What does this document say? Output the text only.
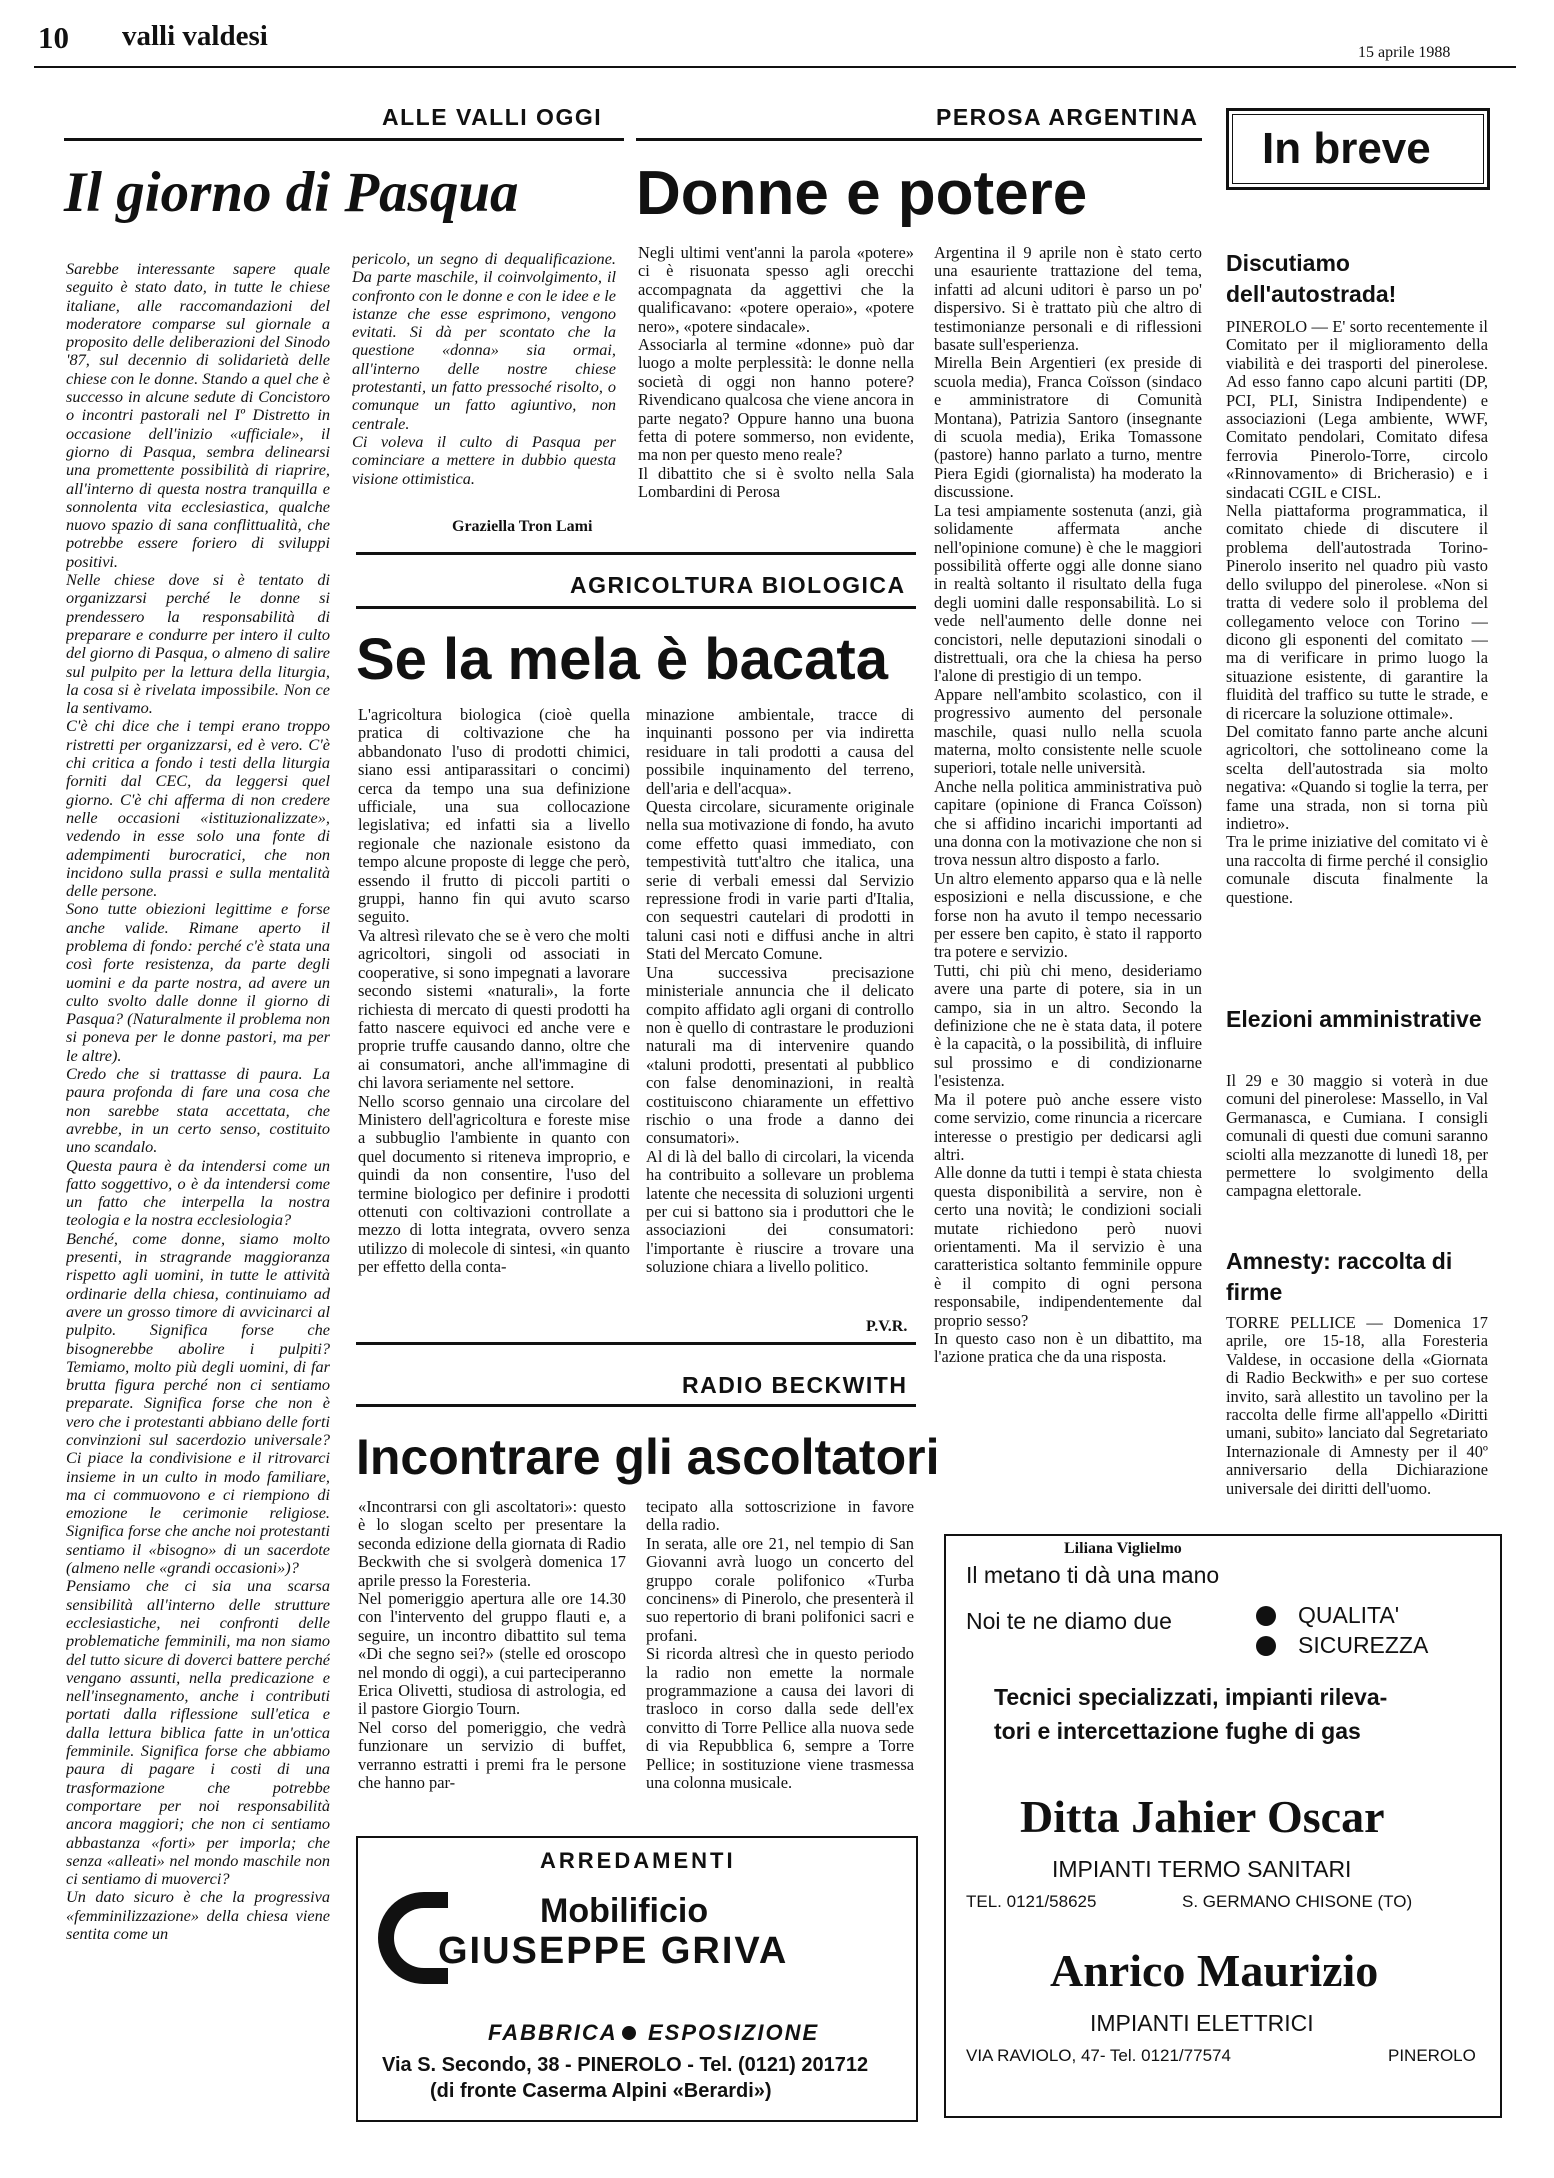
10 valli valdesi
15 aprile 1988
ALLE VALLI OGGI
Il giorno di Pasqua
Sarebbe interessante sapere quale seguito è stato dato, in tutte le chiese italiane, alle raccomandazioni del moderatore comparse sul giornale a proposito delle deliberazioni del Sinodo '87, sul decennio di solidarietà delle chiese con le donne. Stando a quel che è successo in alcune sedute di Concistoro o incontri pastorali nel Iº Distretto in occasione dell'inizio «ufficiale», il giorno di Pasqua, sembra delinearsi una promettente possibilità di riaprire, all'interno di questa nostra tranquilla e sonnolenta vita ecclesiastica, qualche nuovo spazio di sana conflittualità, che potrebbe essere foriero di sviluppi positivi.
Nelle chiese dove si è tentato di organizzarsi perché le donne si prendessero la responsabilità di preparare e condurre per intero il culto del giorno di Pasqua, o almeno di salire sul pulpito per la lettura della liturgia, la cosa si è rivelata impossibile. Non ce la sentivamo.
C'è chi dice che i tempi erano troppo ristretti per organizzarsi, ed è vero. C'è chi critica a fondo i testi della liturgia forniti dal CEC, da leggersi quel giorno. C'è chi afferma di non credere nelle occasioni «istituzionalizzate», vedendo in esse solo una fonte di adempimenti burocratici, che non incidono sulla prassi e sulla mentalità delle persone.
Sono tutte obiezioni legittime e forse anche valide. Rimane aperto il problema di fondo: perché c'è stata una così forte resistenza, da parte degli uomini e da parte nostra, ad avere un culto svolto dalle donne il giorno di Pasqua? (Naturalmente il problema non si poneva per le donne pastori, ma per le altre).
Credo che si trattasse di paura. La paura profonda di fare una cosa che non sarebbe stata accettata, che avrebbe, in un certo senso, costituito uno scandalo.
Questa paura è da intendersi come un fatto soggettivo, o è da intendersi come un fatto che interpella la nostra teologia e la nostra ecclesiologia?
Benché, come donne, siamo molto presenti, in stragrande maggioranza rispetto agli uomini, in tutte le attività ordinarie della chiesa, continuiamo ad avere un grosso timore di avvicinarci al pulpito. Significa forse che bisognerebbe abolire i pulpiti? Temiamo, molto più degli uomini, di far brutta figura perché non ci sentiamo preparate. Significa forse che non è vero che i protestanti abbiano delle forti convinzioni sul sacerdozio universale? Ci piace la condivisione e il ritrovarci insieme in un culto in modo familiare, ma ci commuovono e ci riempiono di emozione le cerimonie religiose. Significa forse che anche noi protestanti sentiamo il «bisogno» di un sacerdote (almeno nelle «grandi occasioni»)?
Pensiamo che ci sia una scarsa sensibilità all'interno delle strutture ecclesiastiche, nei confronti delle problematiche femminili, ma non siamo del tutto sicure di doverci battere perché vengano assunti, nella predicazione e nell'insegnamento, anche i contributi portati dalla riflessione sull'etica e dalla lettura biblica fatte in un'ottica femminile. Significa forse che abbiamo paura di pagare i costi di una trasformazione che potrebbe comportare per noi responsabilità ancora maggiori; che non ci sentiamo abbastanza «forti» per imporla; che senza «alleati» nel mondo maschile non ci sentiamo di muoverci?
Un dato sicuro è che la progressiva «femminilizzazione» della chiesa viene sentita come un
pericolo, un segno di dequalificazione. Da parte maschile, il coinvolgimento, il confronto con le donne e con le idee e le istanze che esse esprimono, vengono evitati. Si dà per scontato che la questione «donna» sia ormai, all'interno delle nostre chiese protestanti, un fatto pressoché risolto, o comunque un fatto agiuntivo, non centrale.
Ci voleva il culto di Pasqua per cominciare a mettere in dubbio questa visione ottimistica.
Graziella Tron Lami
PEROSA ARGENTINA
Donne e potere
Negli ultimi vent'anni la parola «potere» ci è risuonata spesso agli orecchi accompagnata da aggettivi che la qualificavano: «potere operaio», «potere nero», «potere sindacale».
Associarla al termine «donne» può dar luogo a molte perplessità: le donne nella società di oggi non hanno potere? Rivendicano qualcosa che viene ancora in parte negato? Oppure hanno una buona fetta di potere sommerso, non evidente, ma non per questo meno reale?
Il dibattito che si è svolto nella Sala Lombardini di Perosa
Argentina il 9 aprile non è stato certo una esauriente trattazione del tema, infatti ad alcuni uditori è parso un po' dispersivo. Si è trattato più che altro di testimonianze personali e di riflessioni basate sull'esperienza.
Mirella Bein Argentieri (ex preside di scuola media), Franca Coïsson (sindaco e amministratore di Comunità Montana), Patrizia Santoro (insegnante di scuola media), Erika Tomassone (pastore) hanno parlato a turno, mentre Piera Egidi (giornalista) ha moderato la discussione.
La tesi ampiamente sostenuta (anzi, già solidamente affermata anche nell'opinione comune) è che le maggiori possibilità offerte oggi alle donne siano in realtà soltanto il risultato della fuga degli uomini dalle responsabilità. Lo si vede nell'aumento delle donne nei concistori, nelle deputazioni sinodali o distrettuali, ora che la chiesa ha perso l'alone di prestigio di un tempo.
Appare nell'ambito scolastico, con il progressivo aumento del personale maschile, quasi nullo nella scuola materna, molto consistente nelle scuole superiori, totale nelle università.
Anche nella politica amministrativa può capitare (opinione di Franca Coïsson) che si affidino incarichi importanti ad una donna con la motivazione che non si trova nessun altro disposto a farlo.
Un altro elemento apparso qua e là nelle esposizioni e nella discussione, e che forse non ha avuto il tempo necessario per essere ben capito, è stato il rapporto tra potere e servizio.
Tutti, chi più chi meno, desideriamo avere una parte di potere, sia in un campo, sia in un altro. Secondo la definizione che ne è stata data, il potere è la capacità, o la possibilità, di influire sul prossimo e di condizionarne l'esistenza.
Ma il potere può anche essere visto come servizio, come rinuncia a ricercare interesse o prestigio per dedicarsi agli altri.
Alle donne da tutti i tempi è stata chiesta questa disponibilità a servire, non è certo una novità; le condizioni sociali mutate richiedono però nuovi orientamenti. Ma il servizio è una caratteristica soltanto femminile oppure è il compito di ogni persona responsabile, indipendentemente dal proprio sesso?
In questo caso non è un dibattito, ma l'azione pratica che da una risposta.
Liliana Viglielmo
AGRICOLTURA BIOLOGICA
Se la mela è bacata
L'agricoltura biologica (cioè quella pratica di coltivazione che ha abbandonato l'uso di prodotti chimici, siano essi antiparassitari o concimi) cerca da tempo una sua definizione ufficiale, una sua collocazione legislativa; ed infatti sia a livello regionale che nazionale esistono da tempo alcune proposte di legge che però, essendo il frutto di piccoli partiti o gruppi, hanno fin qui avuto scarso seguito.
Va altresì rilevato che se è vero che molti agricoltori, singoli od associati in cooperative, si sono impegnati a lavorare secondo sistemi «naturali», la forte richiesta di mercato di questi prodotti ha fatto nascere equivoci ed anche vere e proprie truffe causando danno, oltre che ai consumatori, anche all'immagine di chi lavora seriamente nel settore.
Nello scorso gennaio una circolare del Ministero dell'agricoltura e foreste mise a subbuglio l'ambiente in quanto con quel documento si riteneva improprio, e quindi da non consentire, l'uso del termine biologico per definire i prodotti ottenuti con coltivazioni controllate a mezzo di lotta integrata, ovvero senza utilizzo di molecole di sintesi, «in quanto per effetto della conta-
minazione ambientale, tracce di inquinanti possono per via indiretta residuare in tali prodotti a causa del possibile inquinamento del terreno, dell'aria e dell'acqua».
Questa circolare, sicuramente originale nella sua motivazione di fondo, ha avuto come effetto quasi immediato, con tempestività tutt'altro che italica, una serie di verbali emessi dal Servizio repressione frodi in varie parti d'Italia, con sequestri cautelari di prodotti in taluni casi noti e diffusi anche in altri Stati del Mercato Comune.
Una successiva precisazione ministeriale annuncia che il delicato compito affidato agli organi di controllo non è quello di contrastare le produzioni naturali ma di intervenire quando «taluni prodotti, presentati al pubblico con false denominazioni, in realtà costituiscono chiaramente un effettivo rischio o una frode a danno dei consumatori».
Al di là del ballo di circolari, la vicenda ha contribuito a sollevare un problema latente che necessita di soluzioni urgenti per cui si battono sia i produttori che le associazioni dei consumatori: l'importante è riuscire a trovare una soluzione chiara a livello politico.
P.V.R.
RADIO BECKWITH
Incontrare gli ascoltatori
«Incontrarsi con gli ascoltatori»: questo è lo slogan scelto per presentare la seconda edizione della giornata di Radio Beckwith che si svolgerà domenica 17 aprile presso la Foresteria.
Nel pomeriggio apertura alle ore 14.30 con l'intervento del gruppo flauti e, a seguire, un incontro dibattito sul tema «Di che segno sei?» (stelle ed oroscopo nel mondo di oggi), a cui parteciperanno Erica Olivetti, studiosa di astrologia, ed il pastore Giorgio Tourn.
Nel corso del pomeriggio, che vedrà funzionare un servizio di buffet, verranno estratti i premi fra le persone che hanno par-
tecipato alla sottoscrizione in favore della radio.
In serata, alle ore 21, nel tempio di San Giovanni avrà luogo un concerto del gruppo corale polifonico «Turba concinens» di Pinerolo, che presenterà il suo repertorio di brani polifonici sacri e profani.
Si ricorda altresì che in questo periodo la radio non emette la normale programmazione a causa dei lavori di trasloco in corso dalla sede dell'ex convitto di Torre Pellice alla nuova sede di via Repubblica 6, sempre a Torre Pellice; in sostituzione viene trasmessa una colonna musicale.
ARREDAMENTI
Mobilificio
GIUSEPPE GRIVA
FABBRICA ESPOSIZIONE
Via S. Secondo, 38 - PINEROLO - Tel. (0121) 201712
(di fronte Caserma Alpini «Berardi»)
In breve
Discutiamo dell'autostrada!
PINEROLO — E' sorto recentemente il Comitato per il miglioramento della viabilità e dei trasporti del pinerolese. Ad esso fanno capo alcuni partiti (DP, PCI, PLI, Sinistra Indipendente) e associazioni (Lega ambiente, WWF, Comitato pendolari, Comitato difesa ferrovia Pinerolo-Torre, circolo «Rinnovamento» di Bricherasio) e i sindacati CGIL e CISL.
Nella piattaforma programmatica, il comitato chiede di discutere il problema dell'autostrada Torino-Pinerolo inserito nel quadro più vasto dello sviluppo del pinerolese. «Non si tratta di vedere solo il problema del collegamento veloce con Torino — dicono gli esponenti del comitato — ma di verificare in primo luogo la situazione esistente, di garantire la fluidità del traffico su tutte le strade, e di ricercare la soluzione ottimale».
Del comitato fanno parte anche alcuni agricoltori, che sottolineano come la scelta dell'autostrada sia molto negativa: «Quando si toglie la terra, per fame una strada, non si torna più indietro».
Tra le prime iniziative del comitato vi è una raccolta di firme perché il consiglio comunale discuta finalmente la questione.
Elezioni amministrative
Il 29 e 30 maggio si voterà in due comuni del pinerolese: Massello, in Val Germanasca, e Cumiana. I consigli comunali di questi due comuni saranno sciolti alla mezzanotte di lunedì 18, per permettere lo svolgimento della campagna elettorale.
Amnesty: raccolta di firme
TORRE PELLICE — Domenica 17 aprile, ore 15-18, alla Foresteria Valdese, in occasione della «Giornata di Radio Beckwith» e per suo cortese invito, sarà allestito un tavolino per la raccolta delle firme all'appello «Diritti umani, subito» lanciato dal Segretariato Internazionale di Amnesty per il 40º anniversario della Dichiarazione universale dei diritti dell'uomo.
Il metano ti dà una mano
Noi te ne diamo due	QUALITA'
SICUREZZA
Tecnici specializzati, impianti rileva-
tori e intercettazione fughe di gas
Ditta Jahier Oscar
IMPIANTI TERMO SANITARI
TEL. 0121/58625	S. GERMANO CHISONE (TO)
Anrico Maurizio
IMPIANTI ELETTRICI
VIA RAVIOLO, 47- Tel. 0121/77574	PINEROLO
